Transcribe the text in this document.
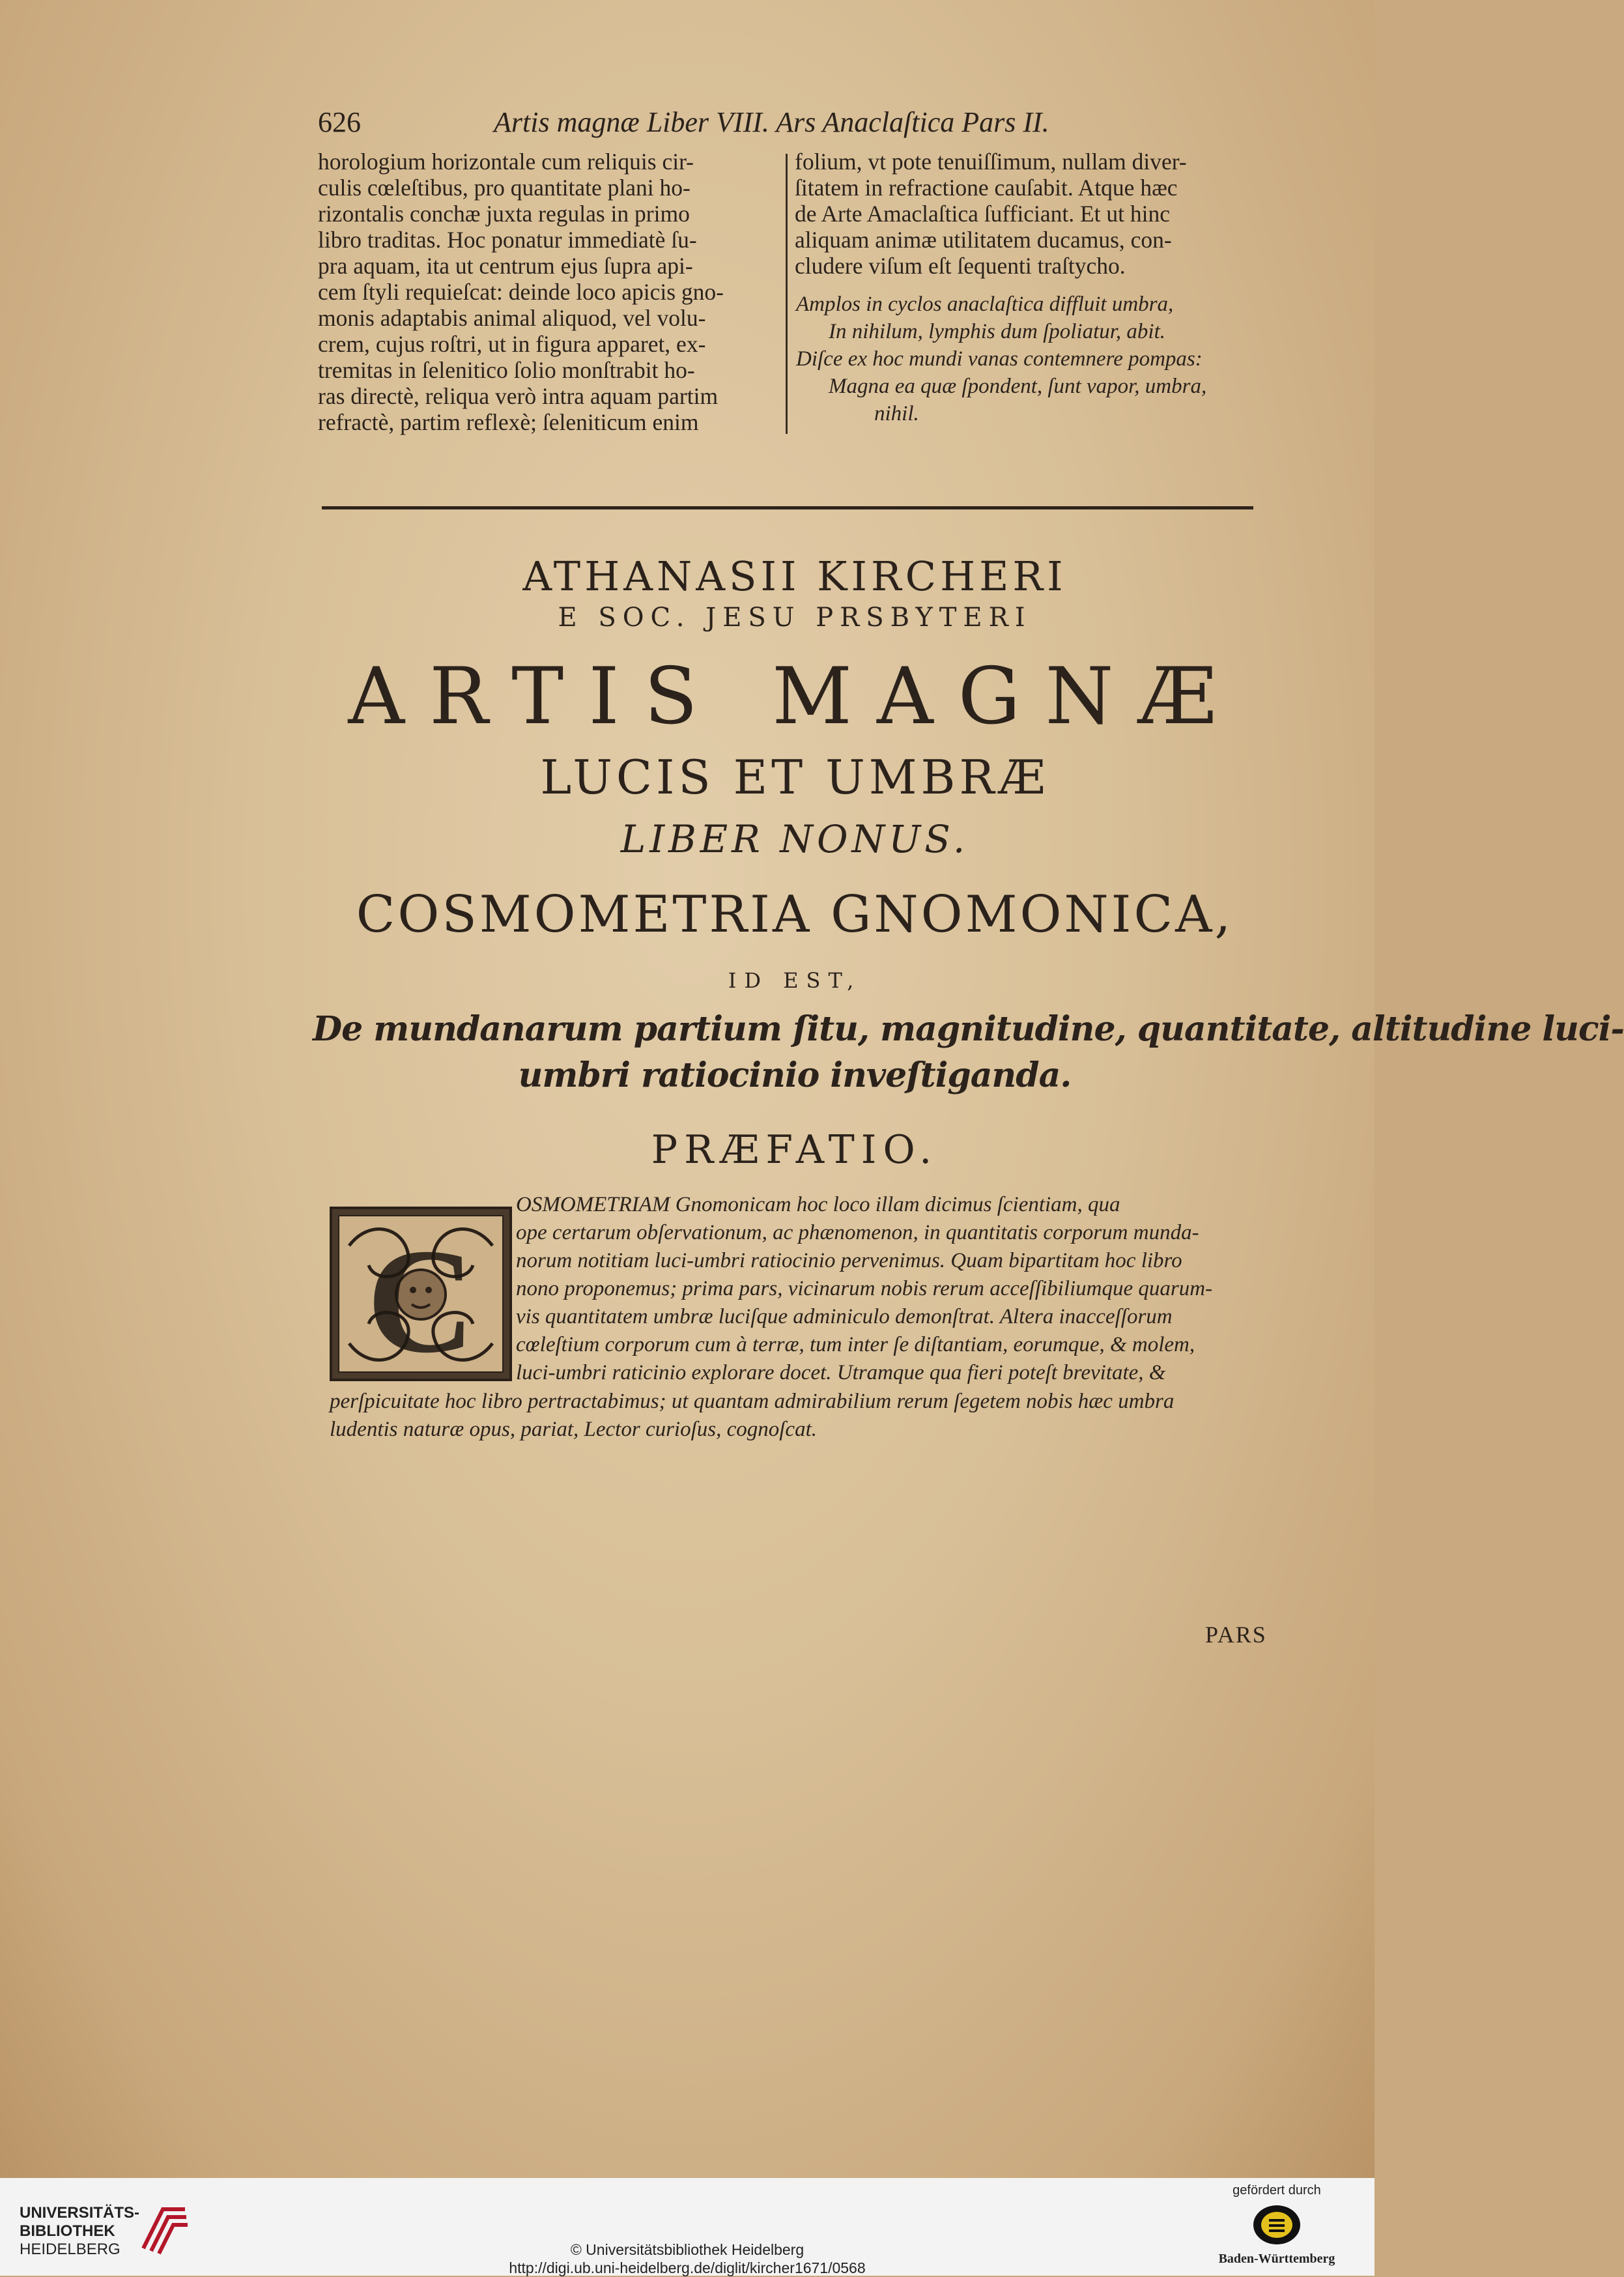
626	Artis magnæ Liber VIII. Ars Anaclaſtica Pars II.
horologium horizontale cum reliquis cir-
culis cœleſtibus, pro quantitate plani ho-
rizontalis conchæ juxta regulas in primo
libro traditas. Hoc ponatur immediatè ſu-
pra aquam, ita ut centrum ejus ſupra api-
cem ſtyli requieſcat: deinde loco apicis gno-
monis adaptabis animal aliquod, vel volu-
crem, cujus roſtri, ut in figura apparet, ex-
tremitas in ſelenitico ſolio monſtrabit ho-
ras directè, reliqua verò intra aquam partim
refractè, partim reflexè; ſeleniticum enim
folium, vt pote tenuiſſimum, nullam diver-
ſitatem in refractione cauſabit. Atque hæc
de Arte Amaclaſtica ſufficiant. Et ut hinc
aliquam animæ utilitatem ducamus, con-
cludere viſum eſt ſequenti traſtycho.
Amplos in cyclos anaclaſtica diffluit umbra,
In nihilum, lymphis dum ſpoliatur, abit.
Diſce ex hoc mundi vanas contemnere pompas:
Magna ea quæ ſpondent, ſunt vapor, umbra,
nihil.
ATHANASII KIRCHERI
E SOC. JESU PRSBYTERI
ARTIS MAGNÆ
LUCIS ET UMBRÆ
LIBER NONUS.
COSMOMETRIA GNOMONICA,
ID EST,
De mundanarum partium ſitu, magnitudine, quantitate, altitudine luci-
umbri ratiocinio inveſtiganda.
PRÆFATIO.
C
OSMOMETRIAM Gnomonicam hoc loco illam dicimus ſcientiam, qua
ope certarum obſervationum, ac phænomenon, in quantitatis corporum munda-
norum notitiam luci-umbri ratiocinio pervenimus. Quam bipartitam hoc libro
nono proponemus; prima pars, vicinarum nobis rerum acceſſibiliumque quarum-
vis quantitatem umbræ luciſque adminiculo demonſtrat. Altera inacceſſorum
cœleſtium corporum cum à terræ, tum inter ſe diſtantiam, eorumque, & molem,
luci-umbri raticinio explorare docet. Utramque qua fieri poteſt brevitate, &
perſpicuitate hoc libro pertractabimus; ut quantam admirabilium rerum ſegetem nobis hæc umbra
ludentis naturæ opus, pariat, Lector curioſus, cognoſcat.
PARS
UNIVERSITÄTS-
BIBLIOTHEK
HEIDELBERG	© Universitätsbibliothek Heidelberg
http://digi.ub.uni-heidelberg.de/diglit/kircher1671/0568
gefördert durch
Baden-Württemberg
